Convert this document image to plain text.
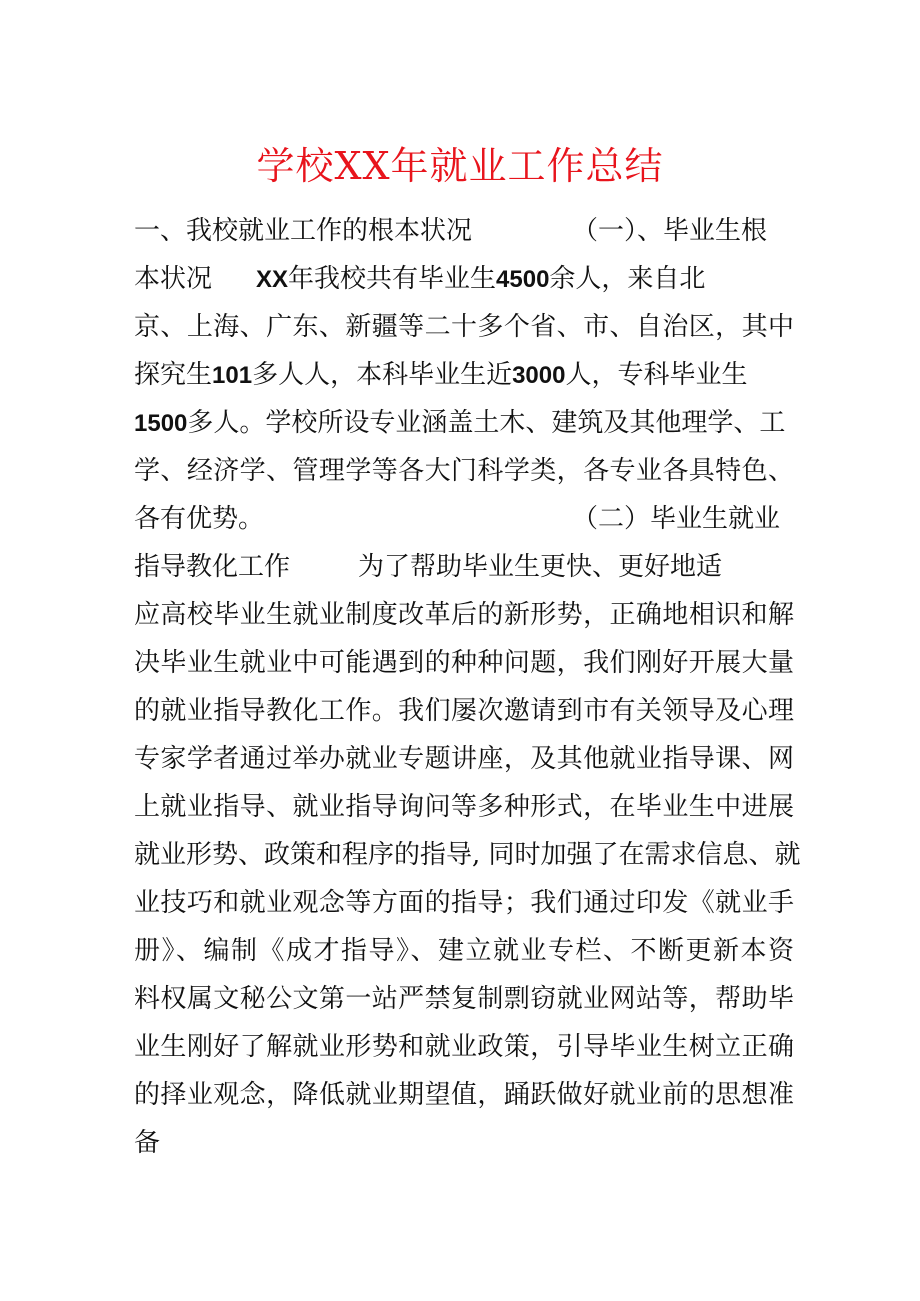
学校XX年就业工作总结
一、我校就业工作的根本状况	（一）、毕业生根
本状况 XX年我校共有毕业生4500余人，来自北
京、上海、广东、新疆等二十多个省、市、自治区，其中
探究生101多人人，本科毕业生近3000人，专科毕业生
1500多人。学校所设专业涵盖土木、建筑及其他理学、工
学、经济学、管理学等各大门科学类，各专业各具特色、
各有优势。	（二）毕业生就业
指导教化工作	为了帮助毕业生更快、更好地适
应高校毕业生就业制度改革后的新形势，正确地相识和解
决毕业生就业中可能遇到的种种问题，我们刚好开展大量
的就业指导教化工作。我们屡次邀请到市有关领导及心理
专家学者通过举办就业专题讲座，及其他就业指导课、网
上就业指导、就业指导询问等多种形式，在毕业生中进展
就业形势、政策和程序的指导, 同时加强了在需求信息、就
业技巧和就业观念等方面的指导；我们通过印发《就业手
册》、编制《成才指导》、建立就业专栏、不断更新本资
料权属文秘公文第一站严禁复制剽窃就业网站等，帮助毕
业生刚好了解就业形势和就业政策，引导毕业生树立正确
的择业观念，降低就业期望值，踊跃做好就业前的思想准
备
